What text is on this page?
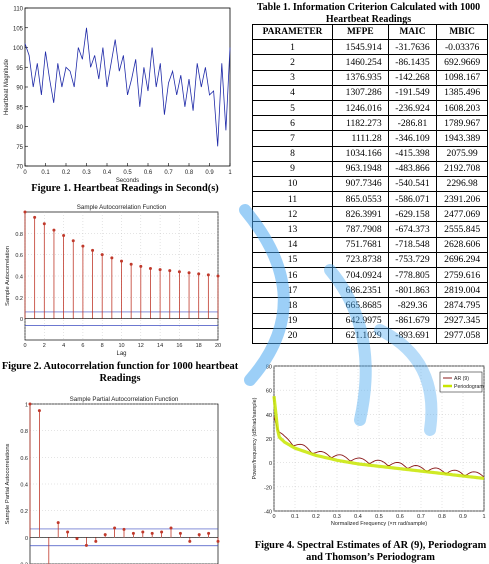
70
75
80
85
90
95
100
105
110
0 0.1 0.2 0.3 0.4 0.5 0.6 0.7 0.8 0.9 1
Seconds
Heartbeat Magnitude
Figure 1. Heartbeat Readings in Second(s)
0
0.2
0.4
0.6
0.8
0	2	4	6	8	10 12 14 16 18 20
Sample Autocorrelation Function
Sample Autocorrelation
Lag
Figure 2. Autocorrelation function for 1000 heartbeat Readings
0
0.2
0.4
0.6
0.8
1
Sample Partial Autocorrelation Function
Sample Partial Autocorrelations
Table 1. Information Criterion Calculated with 1000 Heartbeat Readings
PARAMETER	MFPE	MAIC	MBIC
1	1545.914	-31.7636	-0.03376
2	1460.254	-86.1435	692.9669
3	1376.935	-142.268	1098.167
4	1307.286	-191.549	1385.496
5	1246.016	-236.924	1608.203
6	1182.273	-286.81	1789.967
7	1111.28	-346.109	1943.389
8	1034.166	-415.398	2075.99
9	963.1948	-483.866	2192.708
10	907.7346	-540.541	2296.98
11	865.0553	-586.071	2391.206
12	826.3991	-629.158	2477.069
13	787.7908	-674.373	2555.845
14	751.7681	-718.548	2628.606
15	723.8738	-753.729	2696.294
16	704.0924	-778.805	2759.616
17	686.2351	-801.863	2819.004
18	665.8685	-829.36	2874.795
19	642.9975	-861.679	2927.345
20	621.1029	-893.691	2977.058
-40
-20
0
20
40
60
80
0	0.1 0.2 0.3 0.4 0.5 0.6 0.7 0.8 0.9	1
AR (9)
Periodogram
Normalized Frequency (×π rad/sample)
Power/frequency (dB/rad/sample)
Figure 4. Spectral Estimates of AR (9), Periodogram and Thomson’s Periodogram
